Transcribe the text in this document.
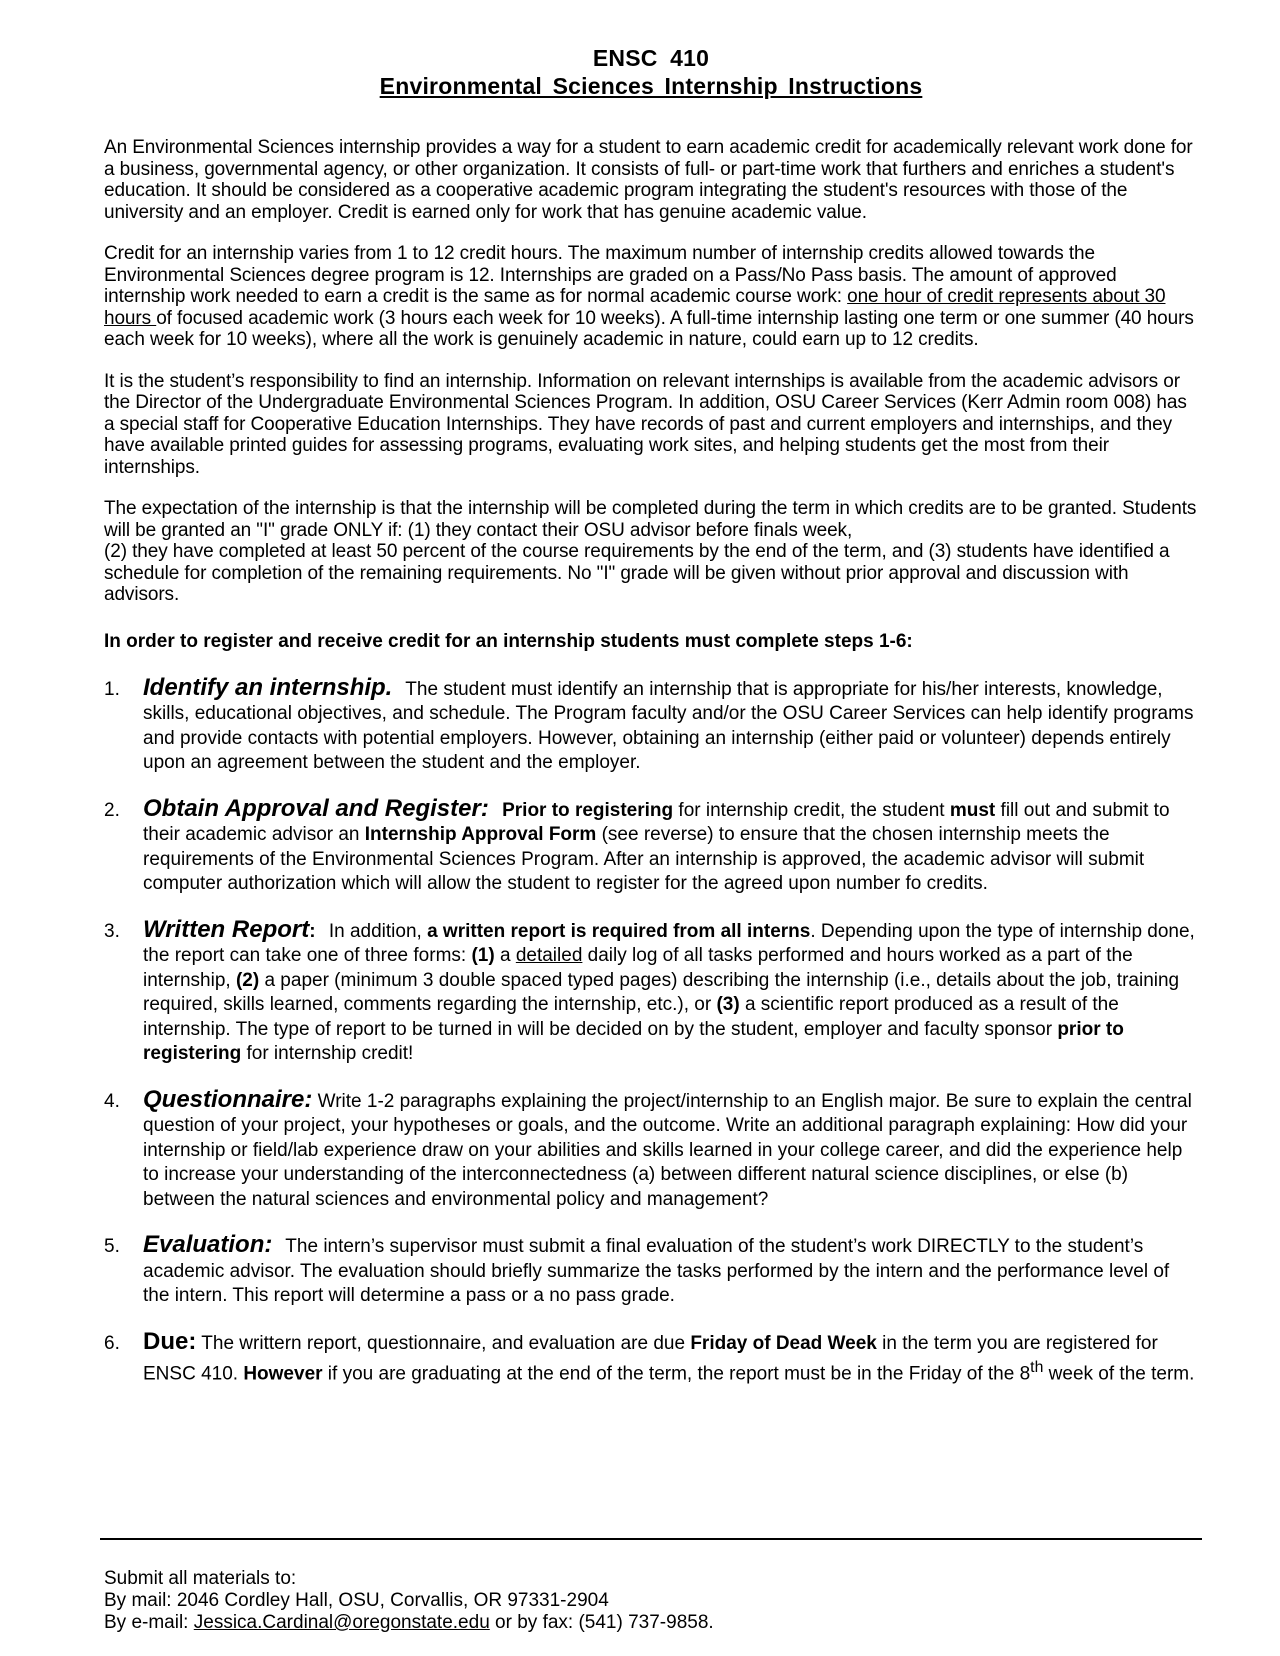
ENSC 410
Environmental Sciences Internship Instructions

An Environmental Sciences internship provides a way for a student to earn academic credit for academically relevant work done for a business, governmental agency, or other organization. It consists of full- or part-time work that furthers and enriches a student's education. It should be considered as a cooperative academic program integrating the student's resources with those of the university and an employer. Credit is earned only for work that has genuine academic value.

Credit for an internship varies from 1 to 12 credit hours. The maximum number of internship credits allowed towards the Environmental Sciences degree program is 12. Internships are graded on a Pass/No Pass basis. The amount of approved internship work needed to earn a credit is the same as for normal academic course work: one hour of credit represents about 30 hours of focused academic work (3 hours each week for 10 weeks). A full-time internship lasting one term or one summer (40 hours each week for 10 weeks), where all the work is genuinely academic in nature, could earn up to 12 credits.

It is the student’s responsibility to find an internship. Information on relevant internships is available from the academic advisors or the Director of the Undergraduate Environmental Sciences Program. In addition, OSU Career Services (Kerr Admin room 008) has a special staff for Cooperative Education Internships. They have records of past and current employers and internships, and they have available printed guides for assessing programs, evaluating work sites, and helping students get the most from their internships.

The expectation of the internship is that the internship will be completed during the term in which credits are to be granted. Students will be granted an "I" grade ONLY if: (1) they contact their OSU advisor before finals week,
(2) they have completed at least 50 percent of the course requirements by the end of the term, and (3) students have identified a schedule for completion of the remaining requirements. No "I" grade will be given without prior approval and discussion with advisors.

In order to register and receive credit for an internship students must complete steps 1-6:
1. Identify an internship. The student must identify an internship that is appropriate for his/her interests, knowledge, skills, educational objectives, and schedule. The Program faculty and/or the OSU Career Services can help identify programs and provide contacts with potential employers. However, obtaining an internship (either paid or volunteer) depends entirely upon an agreement between the student and the employer.
2. Obtain Approval and Register: Prior to registering for internship credit, the student must fill out and submit to their academic advisor an Internship Approval Form (see reverse) to ensure that the chosen internship meets the requirements of the Environmental Sciences Program. After an internship is approved, the academic advisor will submit computer authorization which will allow the student to register for the agreed upon number fo credits.
3. Written Report: In addition, a written report is required from all interns. Depending upon the type of internship done, the report can take one of three forms: (1) a detailed daily log of all tasks performed and hours worked as a part of the internship, (2) a paper (minimum 3 double spaced typed pages) describing the internship (i.e., details about the job, training required, skills learned, comments regarding the internship, etc.), or (3) a scientific report produced as a result of the internship. The type of report to be turned in will be decided on by the student, employer and faculty sponsor prior to registering for internship credit!
4. Questionnaire: Write 1-2 paragraphs explaining the project/internship to an English major. Be sure to explain the central question of your project, your hypotheses or goals, and the outcome. Write an additional paragraph explaining: How did your internship or field/lab experience draw on your abilities and skills learned in your college career, and did the experience help to increase your understanding of the interconnectedness (a) between different natural science disciplines, or else (b) between the natural sciences and environmental policy and management?
5. Evaluation: The intern’s supervisor must submit a final evaluation of the student’s work DIRECTLY to the student’s academic advisor. The evaluation should briefly summarize the tasks performed by the intern and the performance level of the intern. This report will determine a pass or a no pass grade.
6. Due: The writtern report, questionnaire, and evaluation are due Friday of Dead Week in the term you are registered for ENSC 410. However if you are graduating at the end of the term, the report must be in the Friday of the 8th week of the term.
Submit all materials to:
By mail: 2046 Cordley Hall, OSU, Corvallis, OR 97331-2904
By e-mail: Jessica.Cardinal@oregonstate.edu or by fax: (541) 737-9858.
